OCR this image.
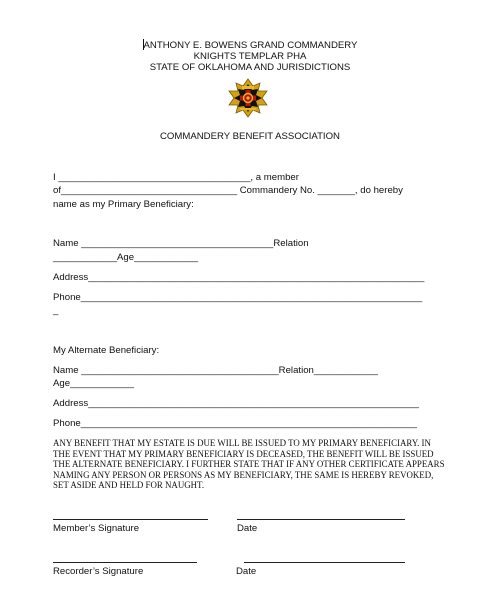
ANTHONY E. BOWENS GRAND COMMANDERY
KNIGHTS TEMPLAR PHA
STATE OF OKLAHOMA AND JURISDICTIONS
COMMANDERY BENEFIT ASSOCIATION
I ____________________________________, a member
of_________________________________ Commandery No. _______, do hereby
name as my Primary Beneficiary:
Name ____________________________________Relation
____________Age____________
Address_______________________________________________________________
Phone________________________________________________________________
_
My Alternate Beneficiary:
Name _____________________________________Relation____________
Age____________
Address______________________________________________________________
Phone_______________________________________________________________
ANY BENEFIT THAT MY ESTATE IS DUE WILL BE ISSUED TO MY PRIMARY BENEFICIARY. IN THE EVENT THAT MY PRIMARY BENEFICIARY IS DECEASED, THE BENEFIT WILL BE ISSUED THE ALTERNATE BENEFICIARY. I FURTHER STATE THAT IF ANY OTHER CERTIFICATE APPEARS NAMING ANY PERSON OR PERSONS AS MY BENEFICIARY, THE SAME IS HEREBY REVOKED, SET ASIDE AND HELD FOR NAUGHT.
Member’s Signature	Date
Recorder’s Signature	Date
